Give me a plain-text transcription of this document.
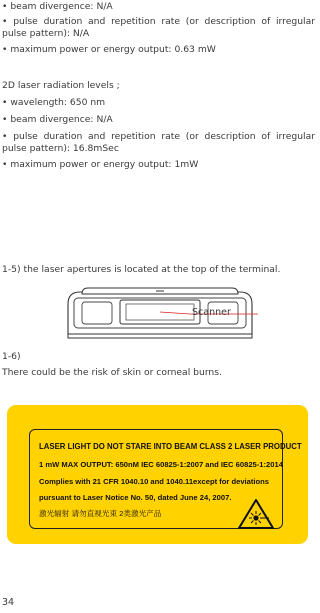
• beam divergence: N/A
• pulse duration and repetition rate (or description of irregular pulse pattern): N/A
• maximum power or energy output: 0.63 mW
2D laser radiation levels ;
• wavelength: 650 nm
• beam divergence: N/A
• pulse duration and repetition rate (or description of irregular pulse pattern): 16.8mSec
• maximum power or energy output: 1mW
1-5) the laser apertures is located at the top of the terminal.
Scanner
1-6)
There could be the risk of skin or corneal burns.
LASER LIGHT DO NOT STARE INTO BEAM CLASS 2 LASER PRODUCT
1 mW MAX OUTPUT: 650nM IEC 60825-1:2007 and IEC 60825-1:2014
Complies with 21 CFR 1040.10 and 1040.11except for deviations
pursuant to Laser Notice No. 50, dated June 24, 2007.
激光辐射 请勿直视光束 2类激光产品
34
